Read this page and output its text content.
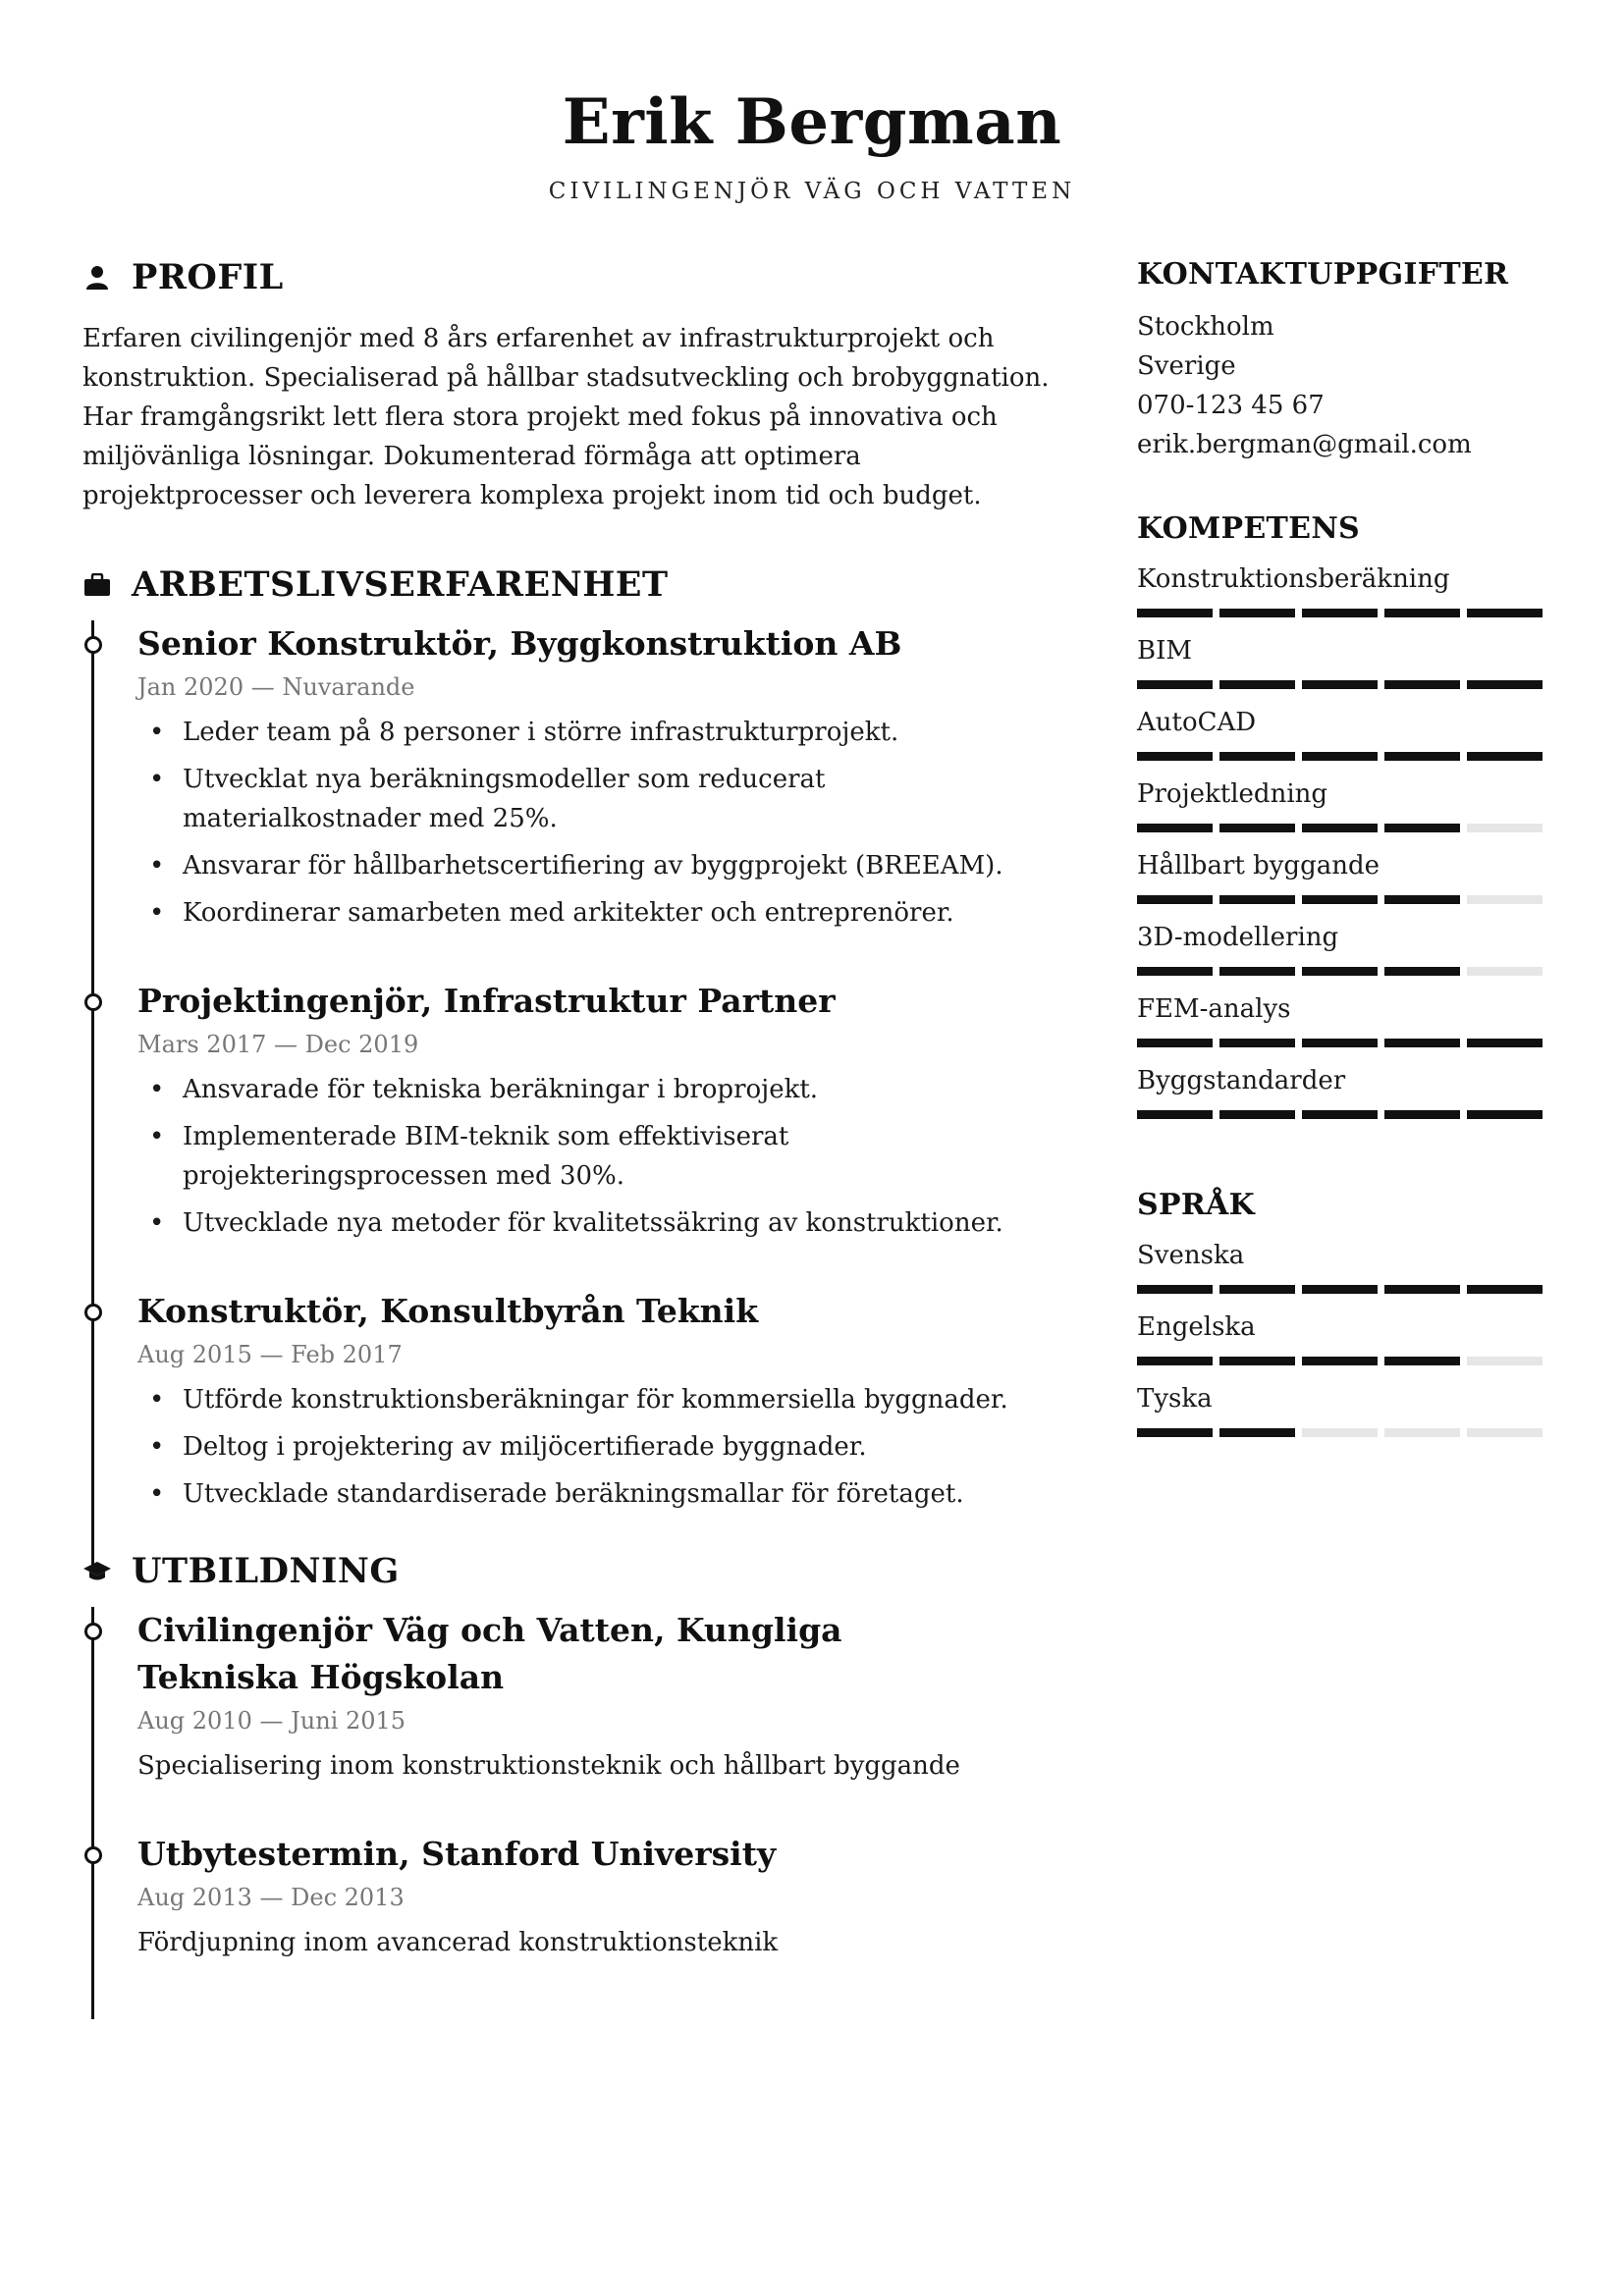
Erik Bergman
CIVILINGENJÖR VÄG OCH VATTEN
PROFIL
Erfaren civilingenjör med 8 års erfarenhet av infrastrukturprojekt och konstruktion. Specialiserad på hållbar stadsutveckling och brobyggnation. Har framgångsrikt lett flera stora projekt med fokus på innovativa och miljövänliga lösningar. Dokumenterad förmåga att optimera projektprocesser och leverera komplexa projekt inom tid och budget.
ARBETSLIVSERFARENHET
Senior Konstruktör, Byggkonstruktion AB
Jan 2020 — Nuvarande
• Leder team på 8 personer i större infrastrukturprojekt.
• Utvecklat nya beräkningsmodeller som reducerat materialkostnader med 25%.
• Ansvarar för hållbarhetscertifiering av byggprojekt (BREEAM).
• Koordinerar samarbeten med arkitekter och entreprenörer.
Projektingenjör, Infrastruktur Partner
Mars 2017 — Dec 2019
• Ansvarade för tekniska beräkningar i broprojekt.
• Implementerade BIM-teknik som effektiviserat projekteringsprocessen med 30%.
• Utvecklade nya metoder för kvalitetssäkring av konstruktioner.
Konstruktör, Konsultbyrån Teknik
Aug 2015 — Feb 2017
• Utförde konstruktionsberäkningar för kommersiella byggnader.
• Deltog i projektering av miljöcertifierade byggnader.
• Utvecklade standardiserade beräkningsmallar för företaget.
UTBILDNING
Civilingenjör Väg och Vatten, Kungliga Tekniska Högskolan
Aug 2010 — Juni 2015
Specialisering inom konstruktionsteknik och hållbart byggande
Utbytestermin, Stanford University
Aug 2013 — Dec 2013
Fördjupning inom avancerad konstruktionsteknik
KONTAKTUPPGIFTER
Stockholm
Sverige
070-123 45 67
erik.bergman@gmail.com
KOMPETENS
Konstruktionsberäkning
BIM
AutoCAD
Projektledning
Hållbart byggande
3D-modellering
FEM-analys
Byggstandarder
SPRÅK
Svenska
Engelska
Tyska
